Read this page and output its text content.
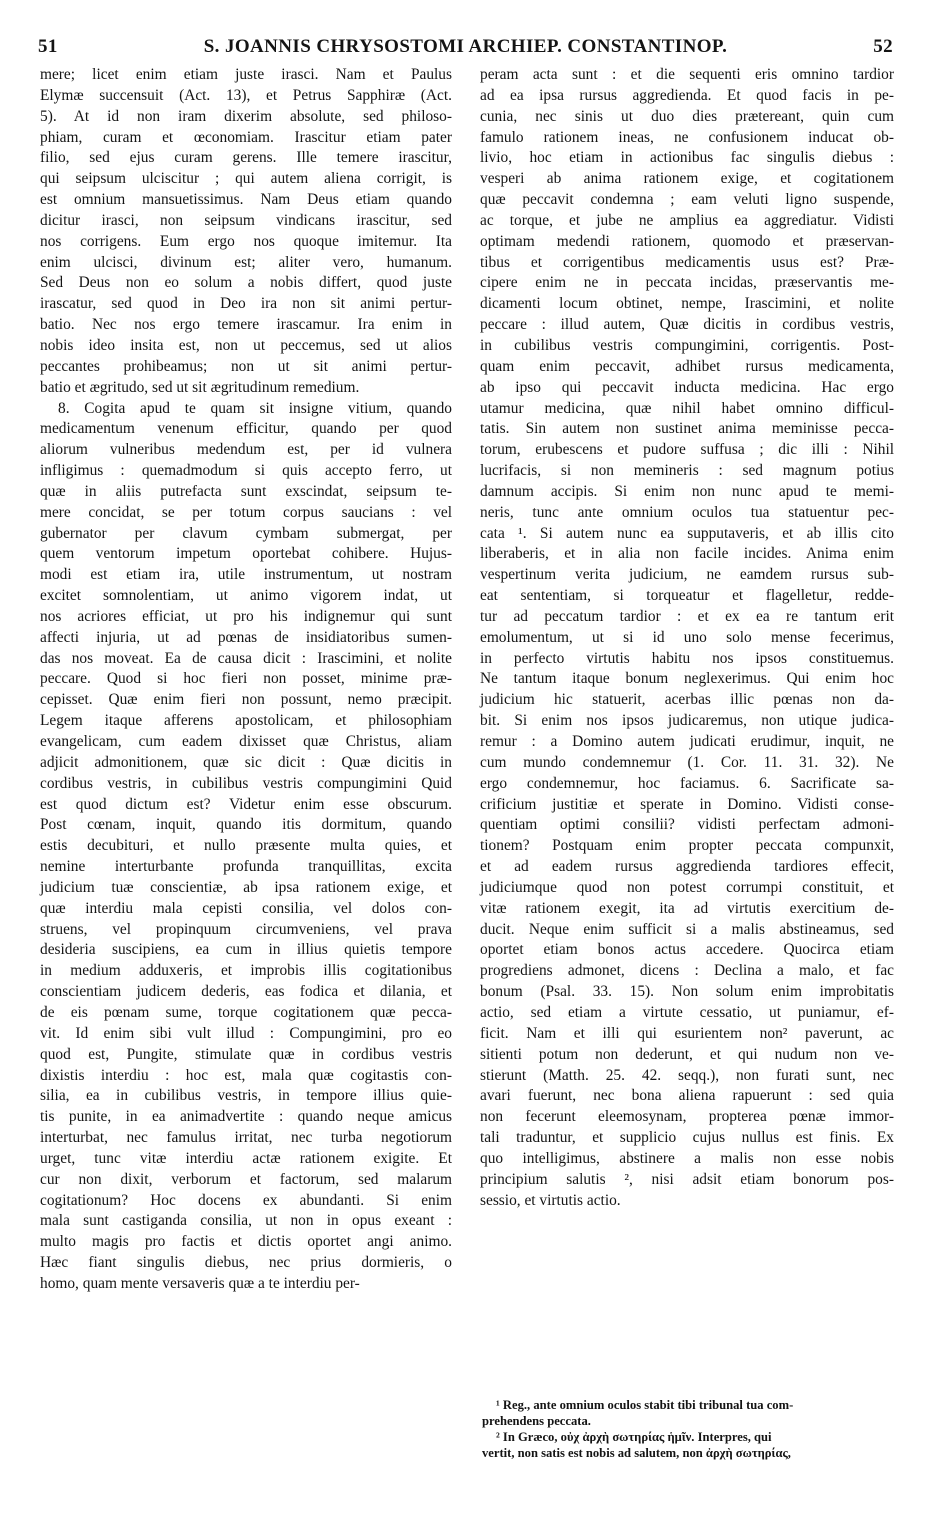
51	S. JOANNIS CHRYSOSTOMI ARCHIEP. CONSTANTINOP.	52
mere; licet enim etiam juste irasci. Nam et Paulus
Elymæ succensuit (Act. 13), et Petrus Sapphiræ (Act.
5). At id non iram dixerim absolute, sed philoso-
phiam, curam et œconomiam. Irascitur etiam pater
filio, sed ejus curam gerens. Ille temere irascitur,
qui seipsum ulciscitur ; qui autem aliena corrigit, is
est omnium mansuetissimus. Nam Deus etiam quando
dicitur irasci, non seipsum vindicans irascitur, sed
nos corrigens. Eum ergo nos quoque imitemur. Ita
enim ulcisci, divinum est; aliter vero, humanum.
Sed Deus non eo solum a nobis differt, quod juste
irascatur, sed quod in Deo ira non sit animi pertur-
batio. Nec nos ergo temere irascamur. Ira enim in
nobis ideo insita est, non ut peccemus, sed ut alios
peccantes prohibeamus; non ut sit animi pertur-
batio et ægritudo, sed ut sit ægritudinum remedium.
8. Cogita apud te quam sit insigne vitium, quando
medicamentum venenum efficitur, quando per quod
aliorum vulneribus medendum est, per id vulnera
infligimus : quemadmodum si quis accepto ferro, ut
quæ in aliis putrefacta sunt exscindat, seipsum te-
mere concidat, se per totum corpus saucians : vel
gubernator per clavum cymbam submergat, per
quem ventorum impetum oportebat cohibere. Hujus-
modi est etiam ira, utile instrumentum, ut nostram
excitet somnolentiam, ut animo vigorem indat, ut
nos acriores efficiat, ut pro his indignemur qui sunt
affecti injuria, ut ad pœnas de insidiatoribus sumen-
das nos moveat. Ea de causa dicit : Irascimini, et nolite
peccare. Quod si hoc fieri non posset, minime præ-
cepisset. Quæ enim fieri non possunt, nemo præcipit.
Legem itaque afferens apostolicam, et philosophiam
evangelicam, cum eadem dixisset quæ Christus, aliam
adjicit admonitionem, quæ sic dicit : Quæ dicitis in
cordibus vestris, in cubilibus vestris compungimini Quid
est quod dictum est? Videtur enim esse obscurum.
Post cœnam, inquit, quando itis dormitum, quando
estis decubituri, et nullo præsente multa quies, et
nemine interturbante profunda tranquillitas, excita
judicium tuæ conscientiæ, ab ipsa rationem exige, et
quæ interdiu mala cepisti consilia, vel dolos con-
struens, vel propinquum circumveniens, vel prava
desideria suscipiens, ea cum in illius quietis tempore
in medium adduxeris, et improbis illis cogitationibus
conscientiam judicem dederis, eas fodica et dilania, et
de eis pœnam sume, torque cogitationem quæ pecca-
vit. Id enim sibi vult illud : Compungimini, pro eo
quod est, Pungite, stimulate quæ in cordibus vestris
dixistis interdiu : hoc est, mala quæ cogitastis con-
silia, ea in cubilibus vestris, in tempore illius quie-
tis punite, in ea animadvertite : quando neque amicus
interturbat, nec famulus irritat, nec turba negotiorum
urget, tunc vitæ interdiu actæ rationem exigite. Et
cur non dixit, verborum et factorum, sed malarum
cogitationum? Hoc docens ex abundanti. Si enim
mala sunt castiganda consilia, ut non in opus exeant :
multo magis pro factis et dictis oportet angi animo.
Hæc fiant singulis diebus, nec prius dormieris, o
homo, quam mente versaveris quæ a te interdiu per-
peram acta sunt : et die sequenti eris omnino tardior
ad ea ipsa rursus aggredienda. Et quod facis in pe-
cunia, nec sinis ut duo dies prætereant, quin cum
famulo rationem ineas, ne confusionem inducat ob-
livio, hoc etiam in actionibus fac singulis diebus :
vesperi ab anima rationem exige, et cogitationem
quæ peccavit condemna ; eam veluti ligno suspende,
ac torque, et jube ne amplius ea aggrediatur. Vidisti
optimam medendi rationem, quomodo et præservan-
tibus et corrigentibus medicamentis usus est? Præ-
cipere enim ne in peccata incidas, præservantis me-
dicamenti locum obtinet, nempe, Irascimini, et nolite
peccare : illud autem, Quæ dicitis in cordibus vestris,
in cubilibus vestris compungimini, corrigentis. Post-
quam enim peccavit, adhibet rursus medicamenta,
ab ipso qui peccavit inducta medicina. Hac ergo
utamur medicina, quæ nihil habet omnino difficul-
tatis. Sin autem non sustinet anima meminisse pecca-
torum, erubescens et pudore suffusa ; dic illi : Nihil
lucrifacis, si non memineris : sed magnum potius
damnum accipis. Si enim non nunc apud te memi-
neris, tunc ante omnium oculos tua statuentur pec-
cata ¹. Si autem nunc ea supputaveris, et ab illis cito
liberaberis, et in alia non facile incides. Anima enim
vespertinum verita judicium, ne eamdem rursus sub-
eat sententiam, si torqueatur et flagelletur, redde-
tur ad peccatum tardior : et ex ea re tantum erit
emolumentum, ut si id uno solo mense fecerimus,
in perfecto virtutis habitu nos ipsos constituemus.
Ne tantum itaque bonum neglexerimus. Qui enim hoc
judicium hic statuerit, acerbas illic pœnas non da-
bit. Si enim nos ipsos judicaremus, non utique judica-
remur : a Domino autem judicati erudimur, inquit, ne
cum mundo condemnemur (1. Cor. 11. 31. 32). Ne
ergo condemnemur, hoc faciamus. 6. Sacrificate sa-
crificium justitiæ et sperate in Domino. Vidisti conse-
quentiam optimi consilii? vidisti perfectam admoni-
tionem? Postquam enim propter peccata compunxit,
et ad eadem rursus aggredienda tardiores effecit,
judiciumque quod non potest corrumpi constituit, et
vitæ rationem exegit, ita ad virtutis exercitium de-
ducit. Neque enim sufficit si a malis abstineamus, sed
oportet etiam bonos actus accedere. Quocirca etiam
progrediens admonet, dicens : Declina a malo, et fac
bonum (Psal. 33. 15). Non solum enim improbitatis
actio, sed etiam a virtute cessatio, ut puniamur, ef-
ficit. Nam et illi qui esurientem non² paverunt, ac
sitienti potum non dederunt, et qui nudum non ve-
stierunt (Matth. 25. 42. seqq.), non furati sunt, nec
avari fuerunt, nec bona aliena rapuerunt : sed quia
non fecerunt eleemosynam, propterea pœnæ immor-
tali traduntur, et supplicio cujus nullus est finis. Ex
quo intelligimus, abstinere a malis non esse nobis
principium salutis ², nisi adsit etiam bonorum pos-
sessio, et virtutis actio.
¹ Reg., ante omnium oculos stabit tibi tribunal tua com-
prehendens peccata.
² In Græco, οὐχ ἀρχὴ σωτηρίας ἡμῖν. Interpres, qui
vertit, non satis est nobis ad salutem, non ἀρχὴ σωτηρίας,
